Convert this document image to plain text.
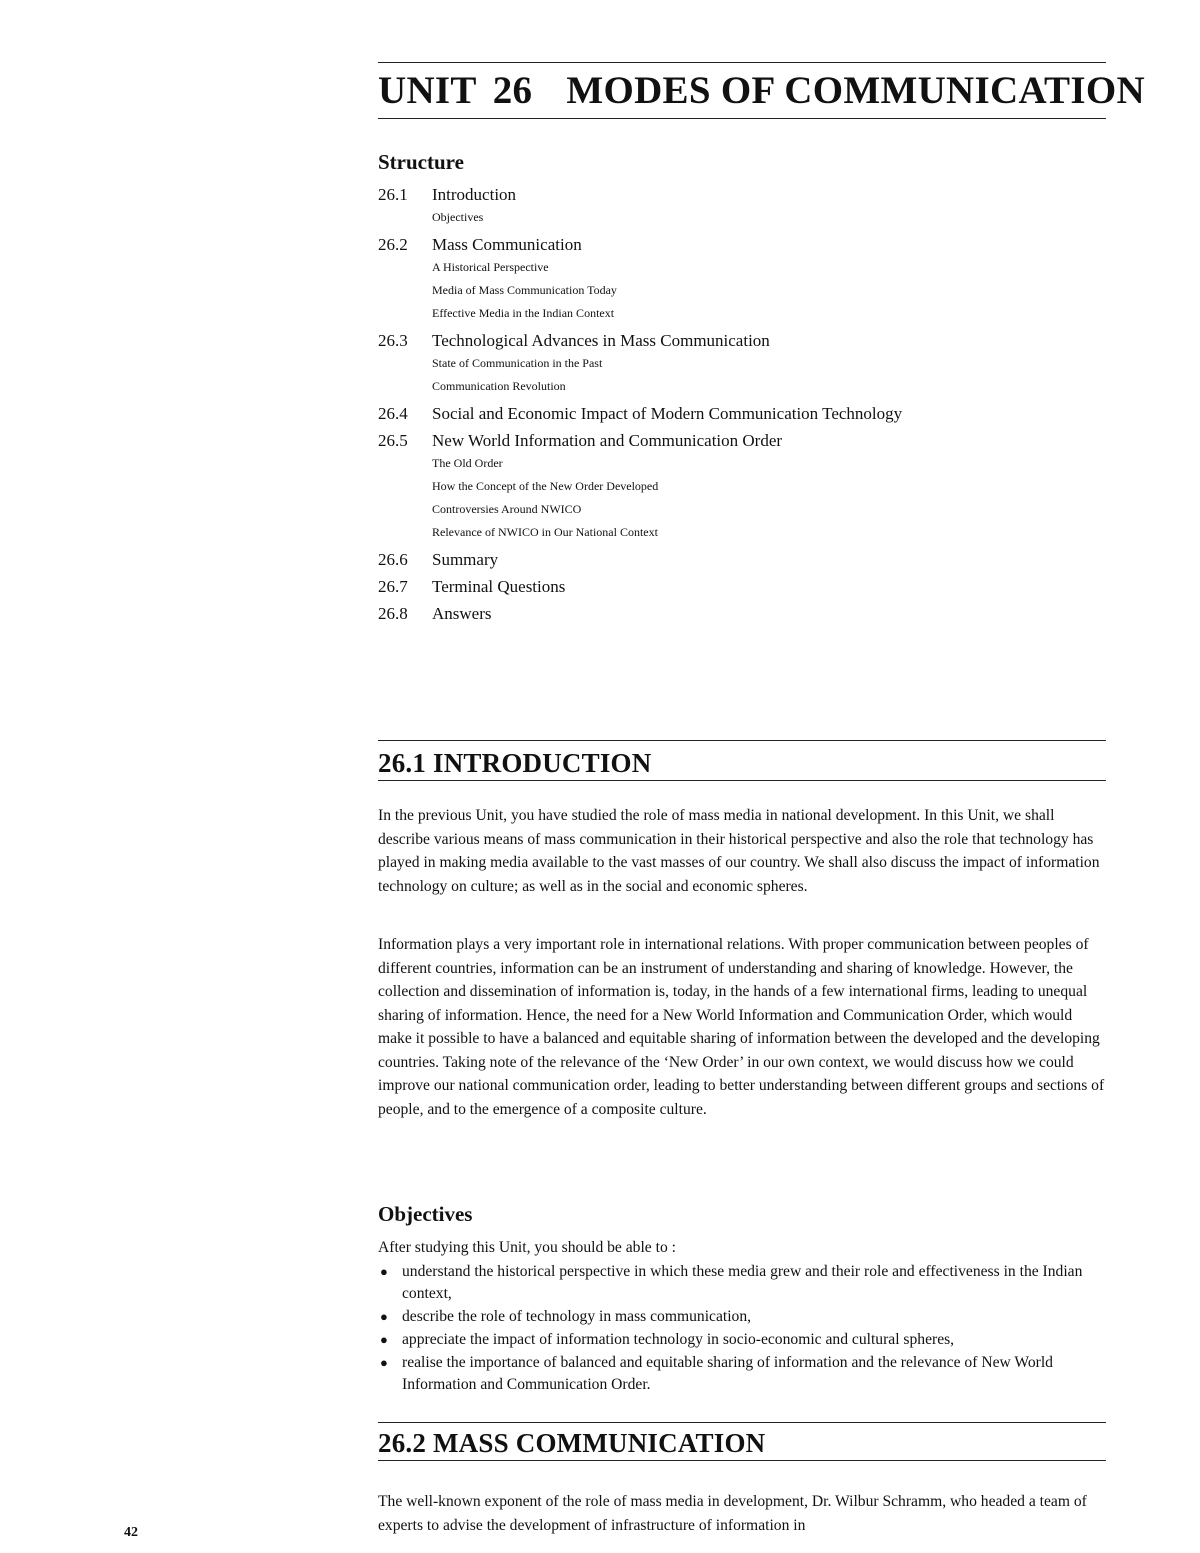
UNIT 26 MODES OF COMMUNICATION
Structure
26.1 Introduction
Objectives
26.2 Mass Communication
A Historical Perspective
Media of Mass Communication Today
Effective Media in the Indian Context
26.3 Technological Advances in Mass Communication
State of Communication in the Past
Communication Revolution
26.4 Social and Economic Impact of Modern Communication Technology
26.5 New World Information and Communication Order
The Old Order
How the Concept of the New Order Developed
Controversies Around NWICO
Relevance of NWICO in Our National Context
26.6 Summary
26.7 Terminal Questions
26.8 Answers
26.1 INTRODUCTION

In the previous Unit, you have studied the role of mass media in national development. In this Unit, we shall describe various means of mass communication in their historical perspective and also the role that technology has played in making media available to the vast masses of our country. We shall also discuss the impact of information technology on culture; as well as in the social and economic spheres.

Information plays a very important role in international relations. With proper communication between peoples of different countries, information can be an instrument of understanding and sharing of knowledge. However, the collection and dissemination of information is, today, in the hands of a few international firms, leading to unequal sharing of information. Hence, the need for a New World Information and Communication Order, which would make it possible to have a balanced and equitable sharing of information between the developed and the developing countries. Taking note of the relevance of the ‘New Order’ in our own context, we would discuss how we could improve our national communication order, leading to better understanding between different groups and sections of people, and to the emergence of a composite culture.

Objectives
After studying this Unit, you should be able to :
● understand the historical perspective in which these media grew and their role and effectiveness in the Indian context,
● describe the role of technology in mass communication,
● appreciate the impact of information technology in socio-economic and cultural spheres,
● realise the importance of balanced and equitable sharing of information and the relevance of New World Information and Communication Order.
26.2 MASS COMMUNICATION

The well-known exponent of the role of mass media in development, Dr. Wilbur Schramm, who headed a team of experts to advise the development of infrastructure of information in

42
